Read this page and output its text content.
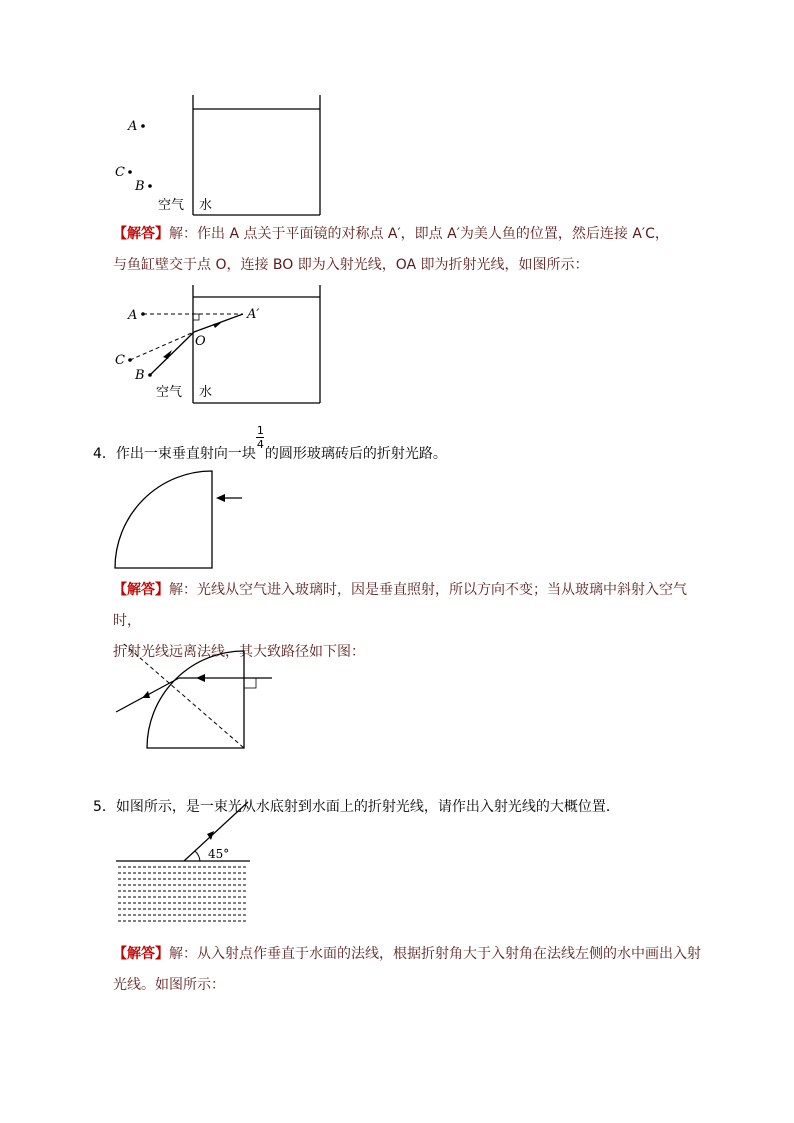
A
C
B
空气 水
【解答】解：作出 A 点关于平面镜的对称点 A′，即点 A′为美人鱼的位置，然后连接 A′C，
与鱼缸壁交于点 O，连接 BO 即为入射光线，OA 即为折射光线，如图所示：
A	A′
O
C
B
空气 水
4．作出一束垂直射向一块 $\frac{1}{4}$ 的圆形玻璃砖后的折射光路。
【解答】解：光线从空气进入玻璃时，因是垂直照射，所以方向不变；当从玻璃中斜射入空气时，
折射光线远离法线，其大致路径如下图：
5．如图所示，是一束光从水底射到水面上的折射光线，请作出入射光线的大概位置．
45°
【解答】解：从入射点作垂直于水面的法线，根据折射角大于入射角在法线左侧的水中画出入射
光线。如图所示：
